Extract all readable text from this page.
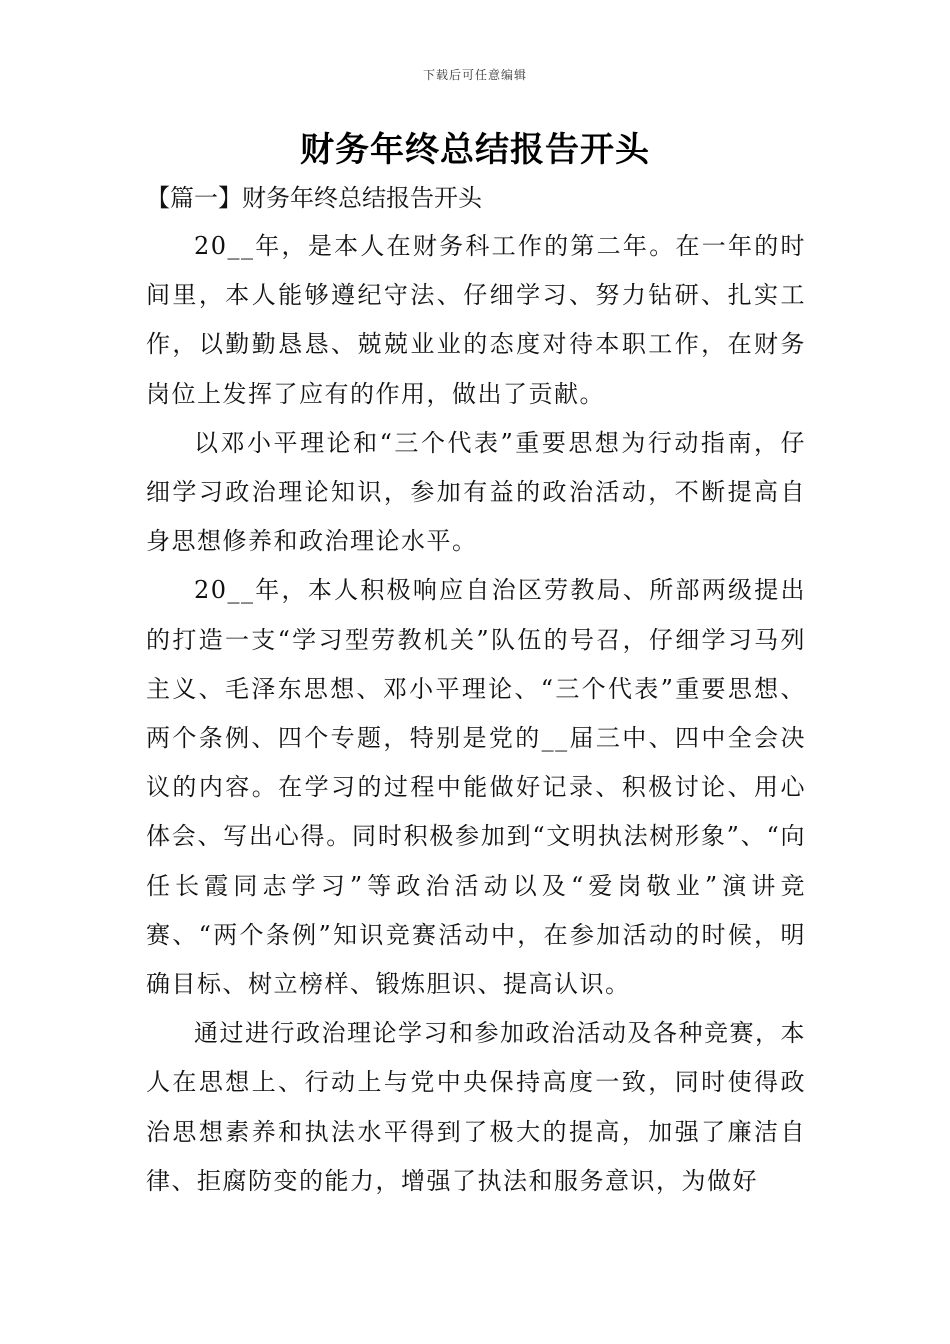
下载后可任意编辑
财务年终总结报告开头
【篇一】财务年终总结报告开头

20__年，是本人在财务科工作的第二年。在一年的时间里，本人能够遵纪守法、仔细学习、努力钻研、扎实工作，以勤勤恳恳、兢兢业业的态度对待本职工作，在财务岗位上发挥了应有的作用，做出了贡献。

以邓小平理论和“三个代表”重要思想为行动指南，仔细学习政治理论知识，参加有益的政治活动，不断提高自身思想修养和政治理论水平。

20__年，本人积极响应自治区劳教局、所部两级提出的打造一支“学习型劳教机关”队伍的号召，仔细学习马列主义、毛泽东思想、邓小平理论、“三个代表”重要思想、两个条例、四个专题，特别是党的__届三中、四中全会决议的内容。在学习的过程中能做好记录、积极讨论、用心体会、写出心得。同时积极参加到“文明执法树形象”、“向任长霞同志学习”等政治活动以及“爱岗敬业”演讲竞赛、“两个条例”知识竞赛活动中，在参加活动的时候，明确目标、树立榜样、锻炼胆识、提高认识。

通过进行政治理论学习和参加政治活动及各种竞赛，本人在思想上、行动上与党中央保持高度一致，同时使得政治思想素养和执法水平得到了极大的提高，加强了廉洁自律、拒腐防变的能力，增强了执法和服务意识，为做好
